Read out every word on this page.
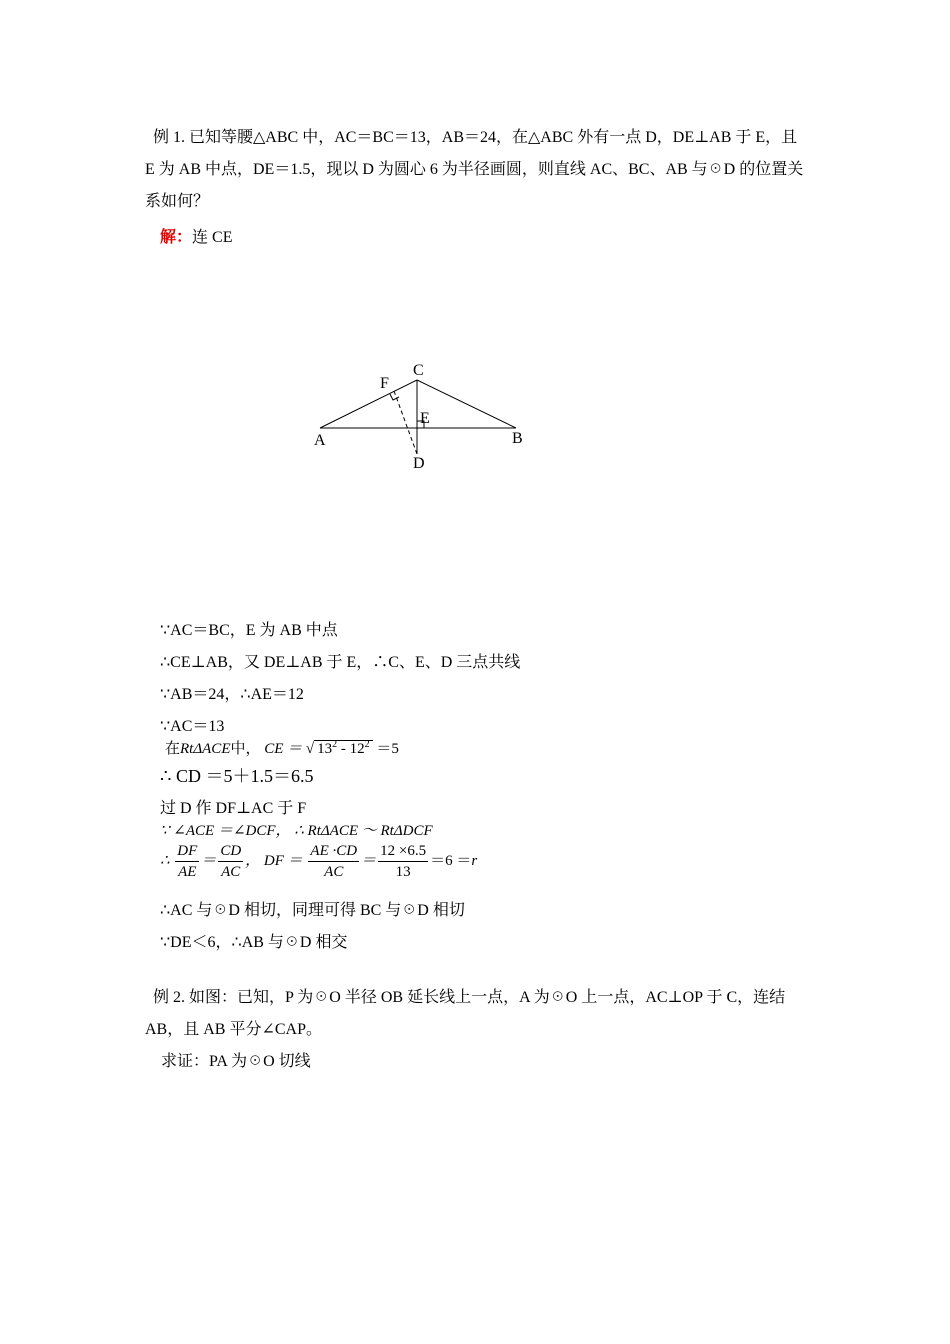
例 1. 已知等腰△ABC 中，AC＝BC＝13，AB＝24，在△ABC 外有一点 D，DE⊥AB 于 E，且
E 为 AB 中点，DE＝1.5，现以 D 为圆心 6 为半径画圆，则直线 AC、BC、AB 与☉D 的位置关
系如何？
解：连 CE
A	B
C
D
E
F
∵AC＝BC，E 为 AB 中点
∴CE⊥AB，又 DE⊥AB 于 E，∴C、E、D 三点共线
∵AB＝24，∴AE＝12
∵AC＝13
在RtΔACE中， CE ＝ √ $13^2 - 12^2 =5$
∴ CD ＝5＋1.5＝6.5
过 D 作 DF⊥AC 于 F
∵ ∠ACE ＝∠DCF， ∴ RtΔACE ～ RtΔDCF
∴ $\frac{DF}{AE} = \frac{CD}{AC}$ ， DF ＝ $\frac{AE \cdot CD}{AC} = \frac{12 \times 6.5}{13} =6 =r$
∴AC 与☉D 相切，同理可得 BC 与☉D 相切
∵DE＜6，∴AB 与☉D 相交
例 2. 如图：已知，P 为☉O 半径 OB 延长线上一点，A 为☉O 上一点，AC⊥OP 于 C，连结
AB，且 AB 平分∠CAP。
求证：PA 为☉O 切线
